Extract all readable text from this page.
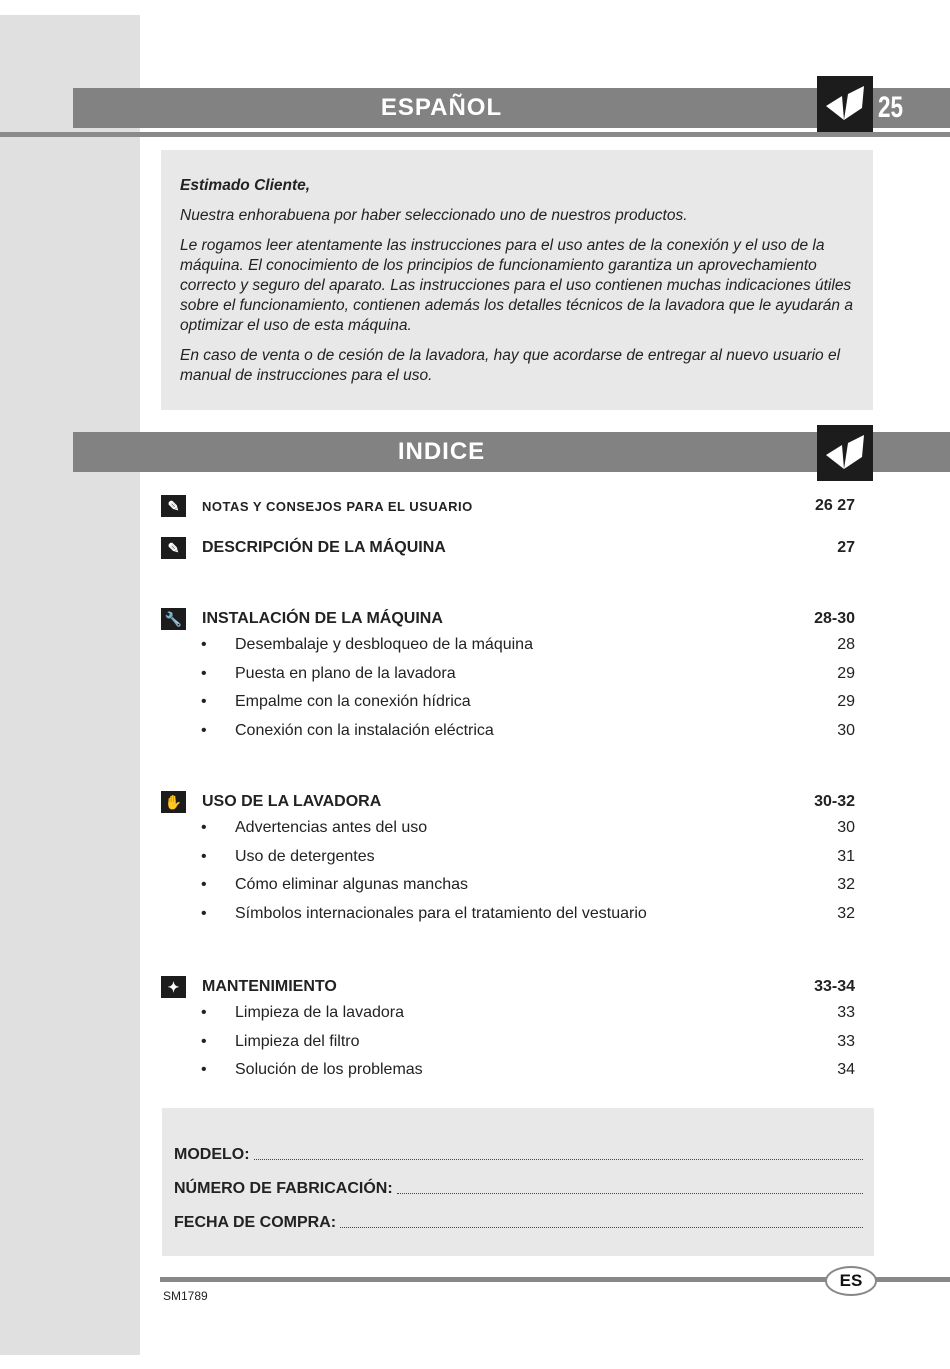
ESPAÑOL	25

Estimado Cliente,

Nuestra enhorabuena por haber seleccionado uno de nuestros productos.

Le rogamos leer atentamente las instrucciones para el uso antes de la conexión y el uso de la máquina. El conocimiento de los principios de funcionamiento garantiza un aprovechamiento correcto y seguro del aparato. Las instrucciones para el uso contienen muchas indicaciones útiles sobre el funcionamiento, contienen además los detalles técnicos de la lavadora que le ayudarán a optimizar el uso de esta máquina.

En caso de venta o de cesión de la lavadora, hay que acordarse de entregar al nuevo usuario el manual de instrucciones para el uso.

INDICE
✎	NOTAS Y CONSEJOS PARA EL USUARIO	26 27
✎	DESCRIPCIÓN DE LA MÁQUINA	27
🔧 INSTALACIÓN DE LA MÁQUINA	28-30
• Desembalaje y desbloqueo de la máquina	28
• Puesta en plano de la lavadora	29
• Empalme con la conexión hídrica	29
• Conexión con la instalación eléctrica	30
✋ USO DE LA LAVADORA	30-32
• Advertencias antes del uso	30
• Uso de detergentes	31
• Cómo eliminar algunas manchas	32
• Símbolos internacionales para el tratamiento del vestuario	32
✦	MANTENIMIENTO	33-34
• Limpieza de la lavadora	33
• Limpieza del filtro	33
• Solución de los problemas	34
MODELO:
NÚMERO DE FABRICACIÓN:
FECHA DE COMPRA:
ES
SM1789
